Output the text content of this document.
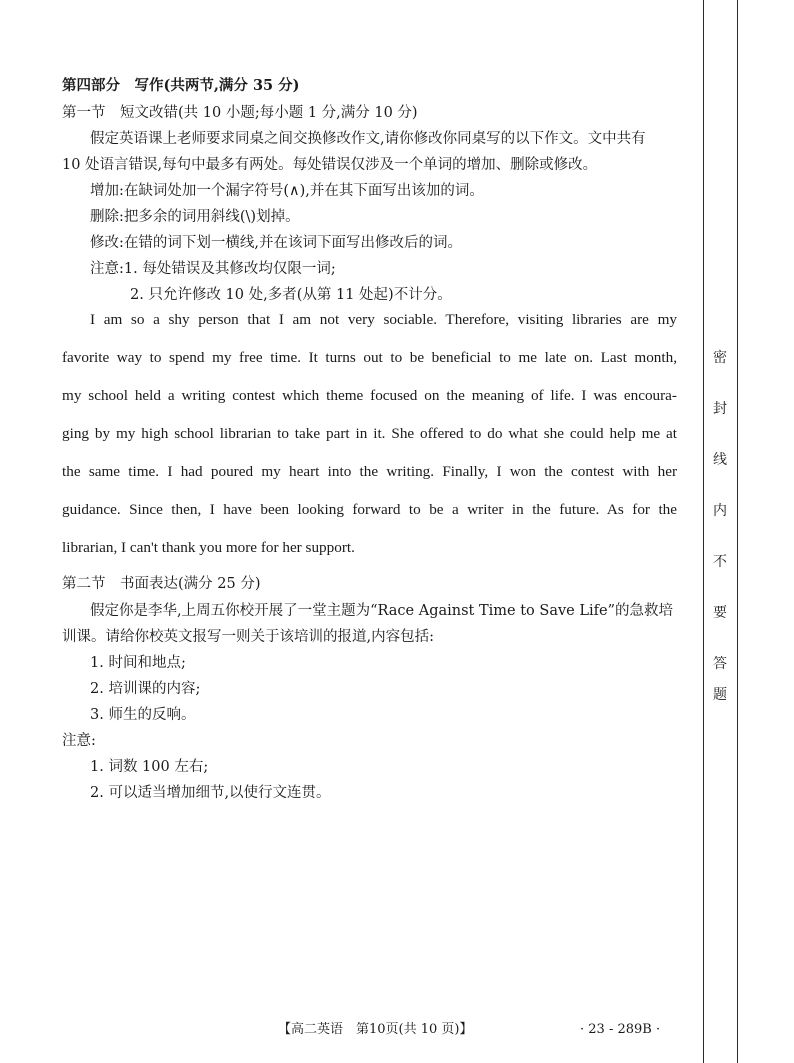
第四部分　写作(共两节,满分 35 分)
第一节　短文改错(共 10 小题;每小题 1 分,满分 10 分)
假定英语课上老师要求同桌之间交换修改作文,请你修改你同桌写的以下作文。文中共有
10 处语言错误,每句中最多有两处。每处错误仅涉及一个单词的增加、删除或修改。
增加:在缺词处加一个漏字符号(∧),并在其下面写出该加的词。
删除:把多余的词用斜线(\)划掉。
修改:在错的词下划一横线,并在该词下面写出修改后的词。
注意:1. 每处错误及其修改均仅限一词;
2. 只允许修改 10 处,多者(从第 11 处起)不计分。
I am so a shy person that I am not very sociable. Therefore, visiting libraries are my
favorite way to spend my free time. It turns out to be beneficial to me late on. Last month,
my school held a writing contest which theme focused on the meaning of life. I was encoura-
ging by my high school librarian to take part in it. She offered to do what she could help me at
the same time. I had poured my heart into the writing. Finally, I won the contest with her
guidance. Since then, I have been looking forward to be a writer in the future. As for the
librarian, I can't thank you more for her support.
第二节　书面表达(满分 25 分)
假定你是李华,上周五你校开展了一堂主题为“Race Against Time to Save Life”的急救培
训课。请给你校英文报写一则关于该培训的报道,内容包括:
1. 时间和地点;
2. 培训课的内容;
3. 师生的反响。
注意:
1. 词数 100 左右;
2. 可以适当增加细节,以使行文连贯。
密
封
线
内
不
要
答
题
【高二英语　第10页(共 10 页)】	· 23 - 289B ·
